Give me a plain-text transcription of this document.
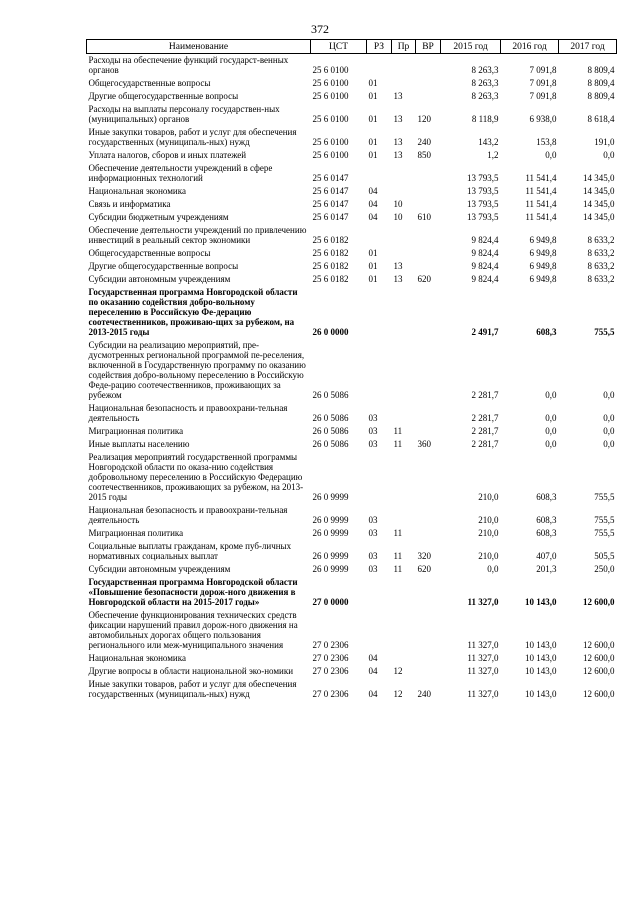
372
Наименование	ЦСТ	РЗ	Пр	ВР	2015 год	2016 год	2017 год
Расходы на обеспечение функций государст-венных органов	25 6 0100				8 263,3	7 091,8	8 809,4
Общегосударственные вопросы	25 6 0100	01			8 263,3	7 091,8	8 809,4
Другие общегосударственные вопросы	25 6 0100	01	13		8 263,3	7 091,8	8 809,4
Расходы на выплаты персоналу государствен-ных (муниципальных) органов	25 6 0100	01	13	120	8 118,9	6 938,0	8 618,4
Иные закупки товаров, работ и услуг для обеспечения государственных (муниципаль-ных) нужд	25 6 0100	01	13	240	143,2	153,8	191,0
Уплата налогов, сборов и иных платежей	25 6 0100	01	13	850	1,2	0,0	0,0
Обеспечение деятельности учреждений в сфере информационных технологий	25 6 0147				13 793,5	11 541,4	14 345,0
Национальная экономика	25 6 0147	04			13 793,5	11 541,4	14 345,0
Связь и информатика	25 6 0147	04	10		13 793,5	11 541,4	14 345,0
Субсидии бюджетным учреждениям	25 6 0147	04	10	610	13 793,5	11 541,4	14 345,0
Обеспечение деятельности учреждений по привлечению инвестиций в реальный сектор экономики	25 6 0182				9 824,4	6 949,8	8 633,2
Общегосударственные вопросы	25 6 0182	01			9 824,4	6 949,8	8 633,2
Другие общегосударственные вопросы	25 6 0182	01	13		9 824,4	6 949,8	8 633,2
Субсидии автономным учреждениям	25 6 0182	01	13	620	9 824,4	6 949,8	8 633,2
Государственная программа Новгородской области по оказанию содействия добро-вольному переселению в Российскую Фе-дерацию соотечественников, проживаю-щих за рубежом, на 2013-2015 годы	26 0 0000				2 491,7	608,3	755,5
Субсидии на реализацию мероприятий, пре-дусмотренных региональной программой пе-реселения, включенной в Государственную программу по оказанию содействия добро-вольному переселению в Российскую Феде-рацию соотечественников, проживающих за рубежом	26 0 5086				2 281,7	0,0	0,0
Национальная безопасность и правоохрани-тельная деятельность	26 0 5086	03			2 281,7	0,0	0,0
Миграционная политика	26 0 5086	03	11		2 281,7	0,0	0,0
Иные выплаты населению	26 0 5086	03	11	360	2 281,7	0,0	0,0
Реализация мероприятий государственной программы Новгородской области по оказа-нию содействия добровольному переселению в Российскую Федерацию соотечественников, проживающих за рубежом, на 2013-2015 годы	26 0 9999				210,0	608,3	755,5
Национальная безопасность и правоохрани-тельная деятельность	26 0 9999	03			210,0	608,3	755,5
Миграционная политика	26 0 9999	03	11		210,0	608,3	755,5
Социальные выплаты гражданам, кроме пуб-личных нормативных социальных выплат	26 0 9999	03	11	320	210,0	407,0	505,5
Субсидии автономным учреждениям	26 0 9999	03	11	620	0,0	201,3	250,0
Государственная программа Новгородской области «Повышение безопасности дорож-ного движения в Новгородской области на 2015-2017 годы»	27 0 0000				11 327,0	10 143,0	12 600,0
Обеспечение функционирования технических средств фиксации нарушений правил дорож-ного движения на автомобильных дорогах общего пользования регионального или меж-муниципального значения	27 0 2306				11 327,0	10 143,0	12 600,0
Национальная экономика	27 0 2306	04			11 327,0	10 143,0	12 600,0
Другие вопросы в области национальной эко-номики	27 0 2306	04	12		11 327,0	10 143,0	12 600,0
Иные закупки товаров, работ и услуг для обеспечения государственных (муниципаль-ных) нужд	27 0 2306	04	12	240	11 327,0	10 143,0	12 600,0
